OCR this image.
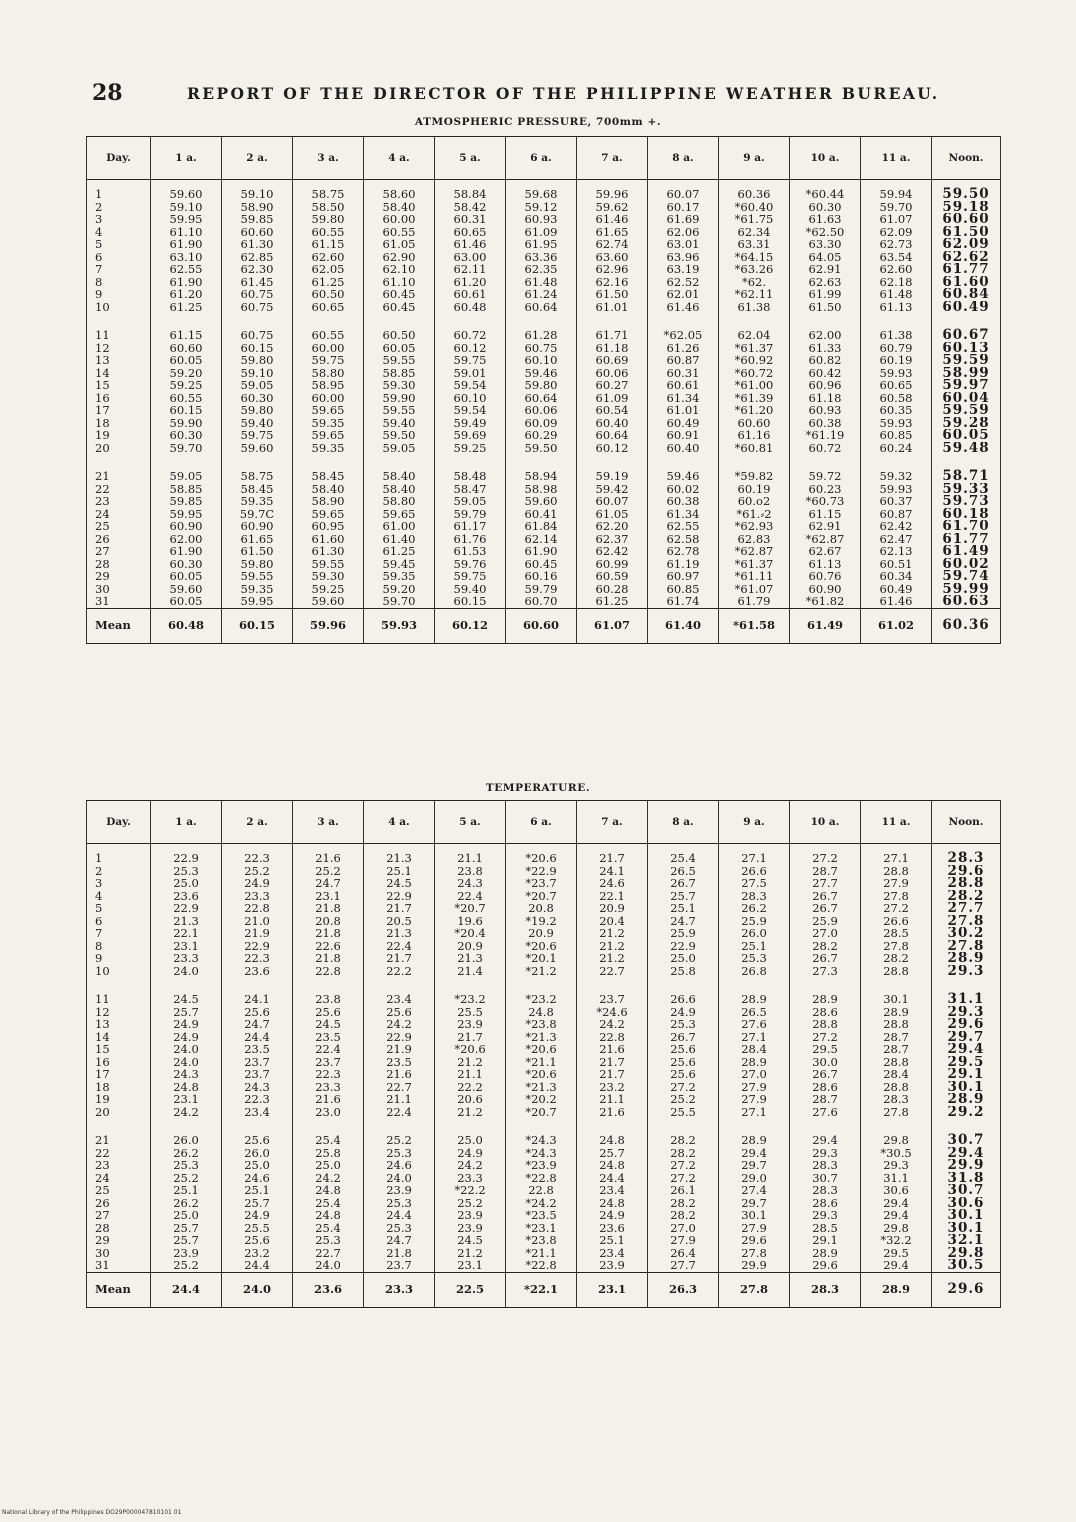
28	REPORT OF THE DIRECTOR OF THE PHILIPPINE WEATHER BUREAU.
ATMOSPHERIC PRESSURE, 700mm +.
Day.	1 a.	2 a.	3 a.	4 a.	5 a.	6 a.	7 a.	8 a.	9 a.	10 a.	11 a.	Noon.
1	59.60	59.10	58.75	58.60	58.84	59.68	59.96	60.07	60.36	*60.44	59.94	59.50
2	59.10	58.90	58.50	58.40	58.42	59.12	59.62	60.17	*60.40	60.30	59.70	59.18
3	59.95	59.85	59.80	60.00	60.31	60.93	61.46	61.69	*61.75	61.63	61.07	60.60
4	61.10	60.60	60.55	60.55	60.65	61.09	61.65	62.06	62.34	*62.50	62.09	61.50
5	61.90	61.30	61.15	61.05	61.46	61.95	62.74	63.01	63.31	63.30	62.73	62.09
6	63.10	62.85	62.60	62.90	63.00	63.36	63.60	63.96	*64.15	64.05	63.54	62.62
7	62.55	62.30	62.05	62.10	62.11	62.35	62.96	63.19	*63.26	62.91	62.60	61.77
8	61.90	61.45	61.25	61.10	61.20	61.48	62.16	62.52	*62.	62.63	62.18	61.60
9	61.20	60.75	60.50	60.45	60.61	61.24	61.50	62.01	*62.11	61.99	61.48	60.84
10	61.25	60.75	60.65	60.45	60.48	60.64	61.01	61.46	61.38	61.50	61.13	60.49
11	61.15	60.75	60.55	60.50	60.72	61.28	61.71	*62.05	62.04	62.00	61.38	60.67
12	60.60	60.15	60.00	60.05	60.12	60.75	61.18	61.26	*61.37	61.33	60.79	60.13
13	60.05	59.80	59.75	59.55	59.75	60.10	60.69	60.87	*60.92	60.82	60.19	59.59
14	59.20	59.10	58.80	58.85	59.01	59.46	60.06	60.31	*60.72	60.42	59.93	58.99
15	59.25	59.05	58.95	59.30	59.54	59.80	60.27	60.61	*61.00	60.96	60.65	59.97
16	60.55	60.30	60.00	59.90	60.10	60.64	61.09	61.34	*61.39	61.18	60.58	60.04
17	60.15	59.80	59.65	59.55	59.54	60.06	60.54	61.01	*61.20	60.93	60.35	59.59
18	59.90	59.40	59.35	59.40	59.49	60.09	60.40	60.49	60.60	60.38	59.93	59.28
19	60.30	59.75	59.65	59.50	59.69	60.29	60.64	60.91	61.16	*61.19	60.85	60.05
20	59.70	59.60	59.35	59.05	59.25	59.50	60.12	60.40	*60.81	60.72	60.24	59.48
21	59.05	58.75	58.45	58.40	58.48	58.94	59.19	59.46	*59.82	59.72	59.32	58.71
22	58.85	58.45	58.40	58.40	58.47	58.98	59.42	60.02	60.19	60.23	59.93	59.33
23	59.85	59.35	58.90	58.80	59.05	59.60	60.07	60.38	60.o2	*60.73	60.37	59.73
24	59.95	59.7C	59.65	59.65	59.79	60.41	61.05	61.34	*61.⸗2	61.15	60.87	60.18
25	60.90	60.90	60.95	61.00	61.17	61.84	62.20	62.55	*62.93	62.91	62.42	61.70
26	62.00	61.65	61.60	61.40	61.76	62.14	62.37	62.58	62.83	*62.87	62.47	61.77
27	61.90	61.50	61.30	61.25	61.53	61.90	62.42	62.78	*62.87	62.67	62.13	61.49
28	60.30	59.80	59.55	59.45	59.76	60.45	60.99	61.19	*61.37	61.13	60.51	60.02
29	60.05	59.55	59.30	59.35	59.75	60.16	60.59	60.97	*61.11	60.76	60.34	59.74
30	59.60	59.35	59.25	59.20	59.40	59.79	60.28	60.85	*61.07	60.90	60.49	59.99
31	60.05	59.95	59.60	59.70	60.15	60.70	61.25	61.74	61.79	*61.82	61.46	60.63
Mean	60.48	60.15	59.96	59.93	60.12	60.60	61.07	61.40	*61.58	61.49	61.02	60.36
TEMPERATURE.
Day.	1 a.	2 a.	3 a.	4 a.	5 a.	6 a.	7 a.	8 a.	9 a.	10 a.	11 a.	Noon.
1	22.9	22.3	21.6	21.3	21.1	*20.6	21.7	25.4	27.1	27.2	27.1	28.3
2	25.3	25.2	25.2	25.1	23.8	*22.9	24.1	26.5	26.6	28.7	28.8	29.6
3	25.0	24.9	24.7	24.5	24.3	*23.7	24.6	26.7	27.5	27.7	27.9	28.8
4	23.6	23.3	23.1	22.9	22.4	*20.7	22.1	25.7	28.3	26.7	27.8	28.2
5	22.9	22.8	21.8	21.7	*20.7	20.8	20.9	25.1	26.2	26.7	27.2	27.7
6	21.3	21.0	20.8	20.5	19.6	*19.2	20.4	24.7	25.9	25.9	26.6	27.8
7	22.1	21.9	21.8	21.3	*20.4	20.9	21.2	25.9	26.0	27.0	28.5	30.2
8	23.1	22.9	22.6	22.4	20.9	*20.6	21.2	22.9	25.1	28.2	27.8	27.8
9	23.3	22.3	21.8	21.7	21.3	*20.1	21.2	25.0	25.3	26.7	28.2	28.9
10	24.0	23.6	22.8	22.2	21.4	*21.2	22.7	25.8	26.8	27.3	28.8	29.3
11	24.5	24.1	23.8	23.4	*23.2	*23.2	23.7	26.6	28.9	28.9	30.1	31.1
12	25.7	25.6	25.6	25.6	25.5	24.8	*24.6	24.9	26.5	28.6	28.9	29.3
13	24.9	24.7	24.5	24.2	23.9	*23.8	24.2	25.3	27.6	28.8	28.8	29.6
14	24.9	24.4	23.5	22.9	21.7	*21.3	22.8	26.7	27.1	27.2	28.7	29.7
15	24.0	23.5	22.4	21.9	*20.6	*20.6	21.6	25.6	28.4	29.5	28.7	29.4
16	24.0	23.7	23.7	23.5	21.2	*21.1	21.7	25.6	28.9	30.0	28.8	29.5
17	24.3	23.7	22.3	21.6	21.1	*20.6	21.7	25.6	27.0	26.7	28.4	29.1
18	24.8	24.3	23.3	22.7	22.2	*21.3	23.2	27.2	27.9	28.6	28.8	30.1
19	23.1	22.3	21.6	21.1	20.6	*20.2	21.1	25.2	27.9	28.7	28.3	28.9
20	24.2	23.4	23.0	22.4	21.2	*20.7	21.6	25.5	27.1	27.6	27.8	29.2
21	26.0	25.6	25.4	25.2	25.0	*24.3	24.8	28.2	28.9	29.4	29.8	30.7
22	26.2	26.0	25.8	25.3	24.9	*24.3	25.7	28.2	29.4	29.3	*30.5	29.4
23	25.3	25.0	25.0	24.6	24.2	*23.9	24.8	27.2	29.7	28.3	29.3	29.9
24	25.2	24.6	24.2	24.0	23.3	*22.8	24.4	27.2	29.0	30.7	31.1	31.8
25	25.1	25.1	24.8	23.9	*22.2	22.8	23.4	26.1	27.4	28.3	30.6	30.7
26	26.2	25.7	25.4	25.3	25.2	*24.2	24.8	28.2	29.7	28.6	29.4	30.6
27	25.0	24.9	24.8	24.4	23.9	*23.5	24.9	28.2	30.1	29.3	29.4	30.1
28	25.7	25.5	25.4	25.3	23.9	*23.1	23.6	27.0	27.9	28.5	29.8	30.1
29	25.7	25.6	25.3	24.7	24.5	*23.8	25.1	27.9	29.6	29.1	*32.2	32.1
30	23.9	23.2	22.7	21.8	21.2	*21.1	23.4	26.4	27.8	28.9	29.5	29.8
31	25.2	24.4	24.0	23.7	23.1	*22.8	23.9	27.7	29.9	29.6	29.4	30.5
Mean	24.4	24.0	23.6	23.3	22.5	*22.1	23.1	26.3	27.8	28.3	28.9	29.6
National Library of the Philippines DO29P000047810101 01
